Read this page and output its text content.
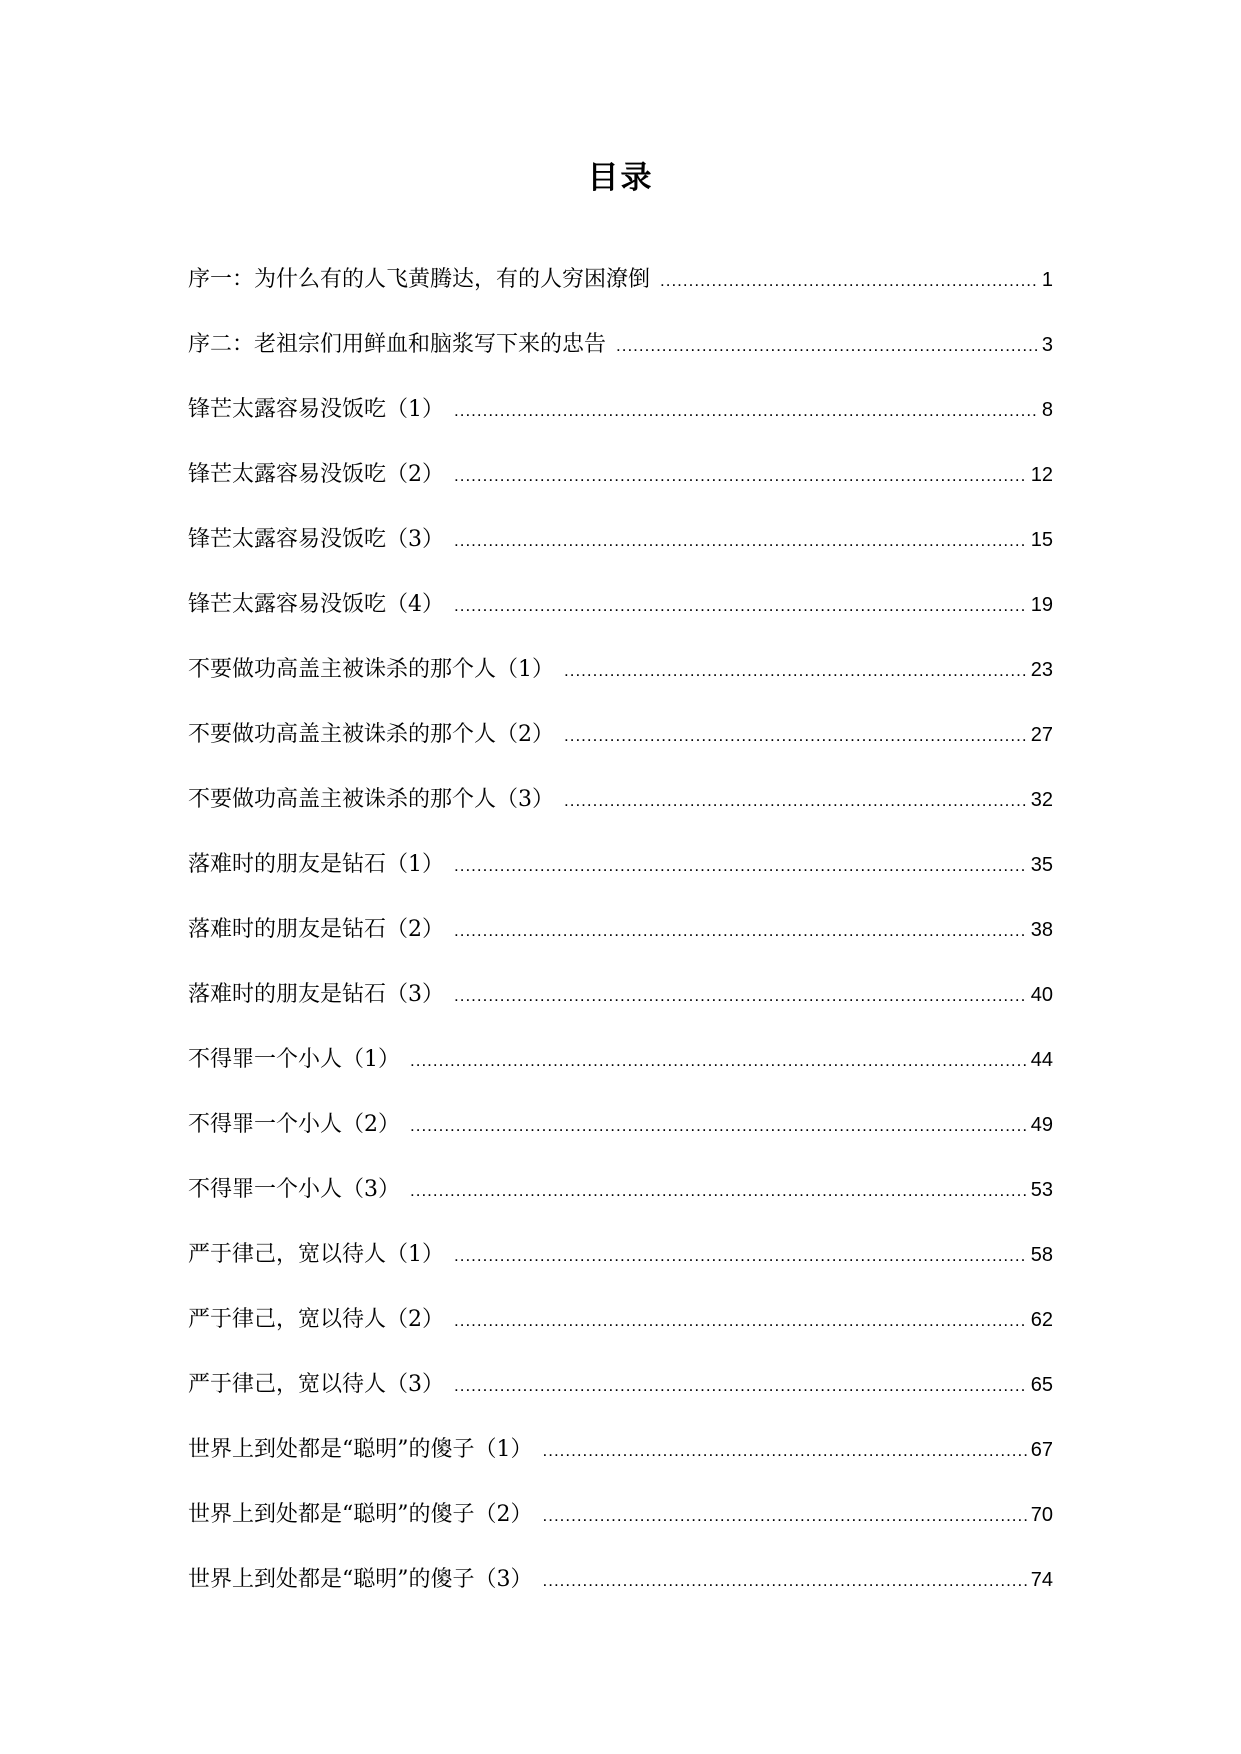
目录
序一：为什么有的人飞黄腾达，有的人穷困潦倒 .....	1
序二：老祖宗们用鲜血和脑浆写下来的忠告 .....	3
锋芒太露容易没饭吃（1） .....	8
锋芒太露容易没饭吃（2） .....	12
锋芒太露容易没饭吃（3） .....	15
锋芒太露容易没饭吃（4） .....	19
不要做功高盖主被诛杀的那个人（1） .....	23
不要做功高盖主被诛杀的那个人（2） .....	27
不要做功高盖主被诛杀的那个人（3） .....	32
落难时的朋友是钻石（1） .....	35
落难时的朋友是钻石（2） .....	38
落难时的朋友是钻石（3） .....	40
不得罪一个小人（1） .....	44
不得罪一个小人（2） .....	49
不得罪一个小人（3） .....	53
严于律己，宽以待人（1） .....	58
严于律己，宽以待人（2） .....	62
严于律己，宽以待人（3） .....	65
世界上到处都是“聪明”的傻子（1） .....	67
世界上到处都是“聪明”的傻子（2） .....	70
世界上到处都是“聪明”的傻子（3） .....	74
